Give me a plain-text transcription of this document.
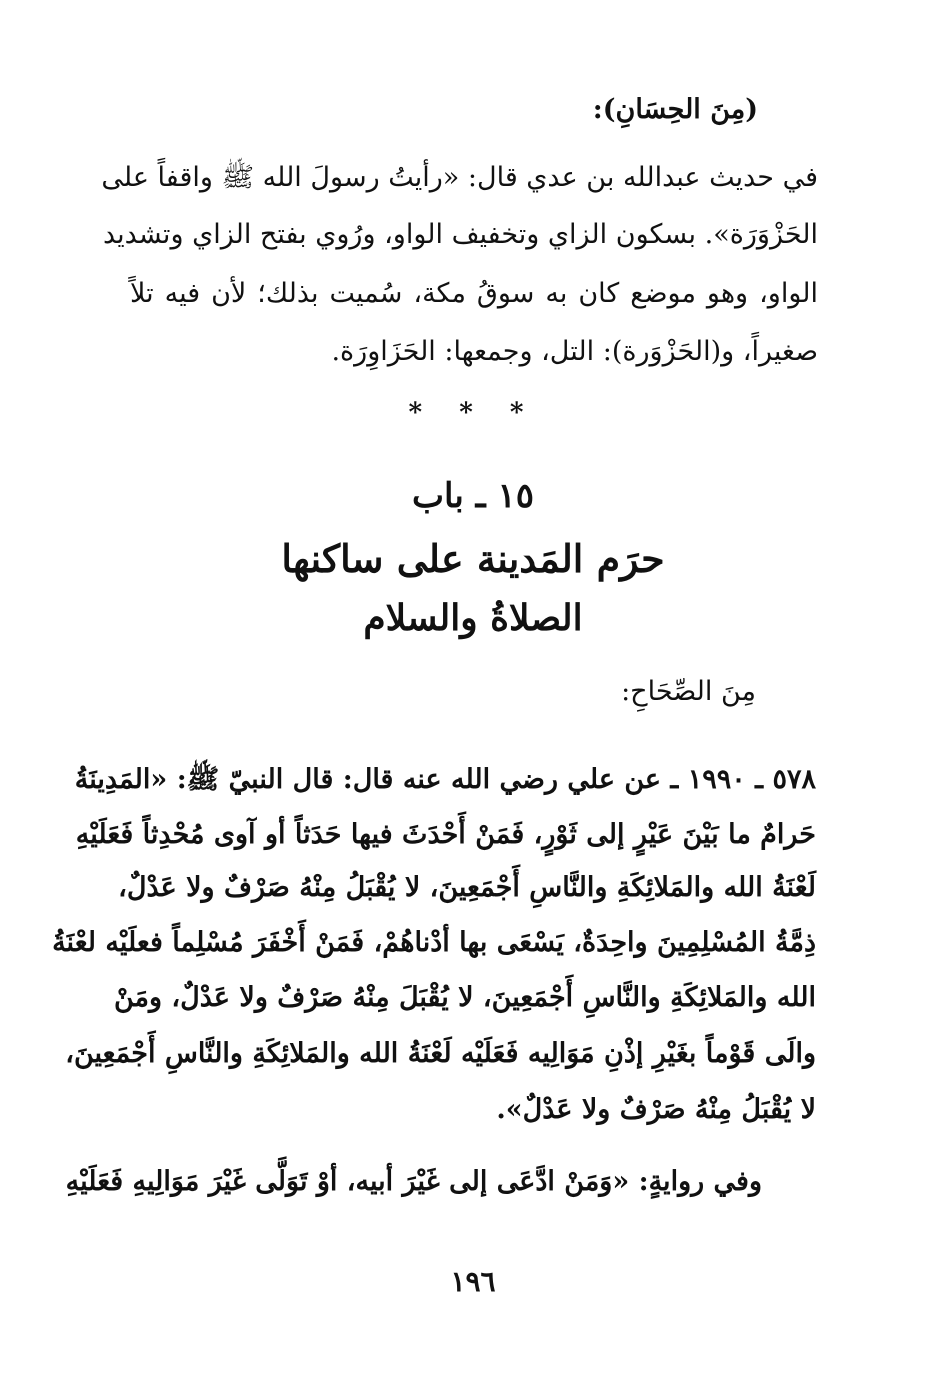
(مِنَ الحِسَانِ):
في حديث عبدالله بن عدي قال: «رأيتُ رسولَ الله ﷺ واقفاً على
الحَزْوَرَة». بسكون الزاي وتخفيف الواو، ورُوي بفتح الزاي وتشديد
الواو، وهو موضع كان به سوقُ مكة، سُميت بذلك؛ لأن فيه تلاً
صغيراً، و(الحَزْوَرة): التل، وجمعها: الحَزَاوِرَة.
* * *
١٥ ـ باب
حرَم المَدينة على ساكنها
الصلاةُ والسلام
مِنَ الصِّحَاحِ:
٥٧٨ ـ ١٩٩٠ ـ عن علي رضي الله عنه قال: قال النبيّ ﷺ: «المَدِينَةُ
حَرامٌ ما بَيْنَ عَيْرٍ إلى ثَوْرٍ، فَمَنْ أَحْدَثَ فيها حَدَثاً أو آوى مُحْدِثاً فَعَلَيْهِ
لَعْنَةُ الله والمَلائِكَةِ والنَّاسِ أَجْمَعِينَ، لا يُقْبَلُ مِنْهُ صَرْفٌ ولا عَدْلٌ،
ذِمَّةُ المُسْلِمِينَ واحِدَةٌ، يَسْعَى بها أدْناهُمْ، فَمَنْ أَخْفَرَ مُسْلِماً فعلَيْه لعْنَةُ
الله والمَلائِكَةِ والنَّاسِ أَجْمَعِينَ، لا يُقْبَلَ مِنْهُ صَرْفٌ ولا عَدْلٌ، ومَنْ
والَى قَوْماً بغَيْرِ إذْنِ مَوَالِيه فَعَلَيْه لَعْنَةُ الله والمَلائِكَةِ والنَّاسِ أَجْمَعِينَ،
لا يُقْبَلُ مِنْهُ صَرْفٌ ولا عَدْلٌ».
وفي روايةٍ: «وَمَنْ ادَّعَى إلى غَيْرَ أبيه، أوْ تَوَلَّى غَيْرَ مَوَالِيهِ فَعَلَيْهِ
١٩٦
